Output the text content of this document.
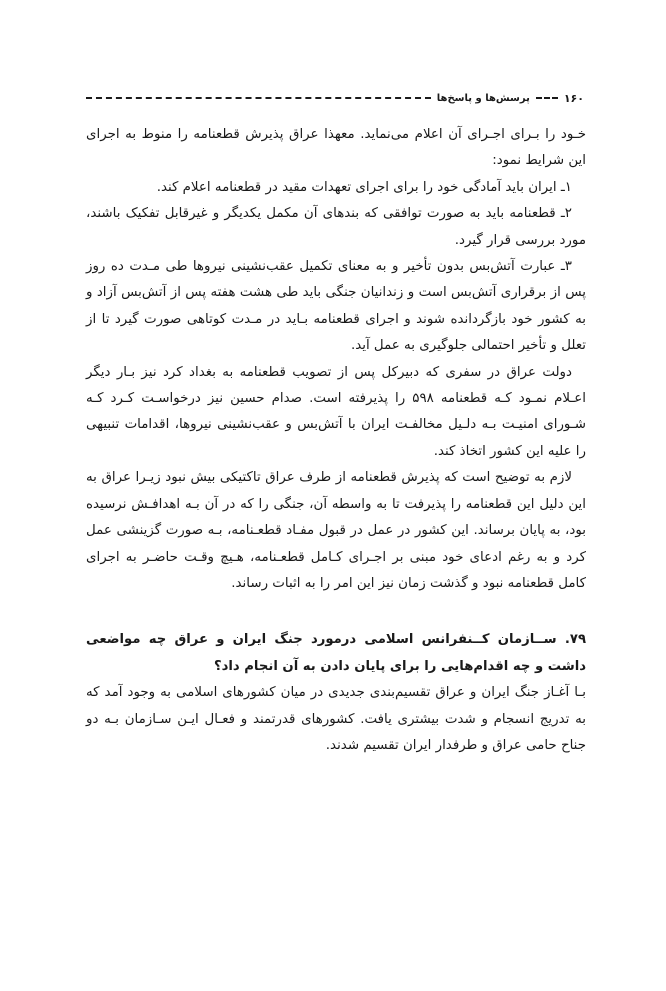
۱۶۰
پرسش‌ها و پاسخ‌ها

خـود را بـرای اجـرای آن اعلام می‌نماید. معهذا عراق پذیرش قطعنامه را منوط به اجرای این شرایط نمود:

۱ـ ایران باید آمادگی خود را برای اجرای تعهدات مقید در قطعنامه اعلام کند.

۲ـ قطعنامه باید به صورت توافقی که بندهای آن مکمل یکدیگر و غیرقابل تفکیک باشند، مورد بررسی قرار گیرد.

۳ـ عبارت آتش‌بس بدون تأخیر و به معنای تکمیل عقب‌نشینی نیروها طی مـدت ده روز پس از برقراری آتش‌بس است و زندانیان جنگی باید طی هشت هفته پس از آتش‌بس آزاد و به کشور خود بازگردانده شوند و اجرای قطعنامه بـاید در مـدت کوتاهی صورت گیرد تا از تعلل و تأخیر احتمالی جلوگیری به عمل آید.

دولت عراق در سفری که دبیرکل پس از تصویب قطعنامه به بغداد کرد نیز بـار دیگر اعـلام نمـود کـه قطعنامه ۵۹۸ را پذیرفته است. صدام حسین نیز درخواسـت کـرد کـه شـورای امنیـت بـه دلـیل مخالفـت ایران با آتش‌بس و عقب‌نشینی نیروها، اقدامات تنبیهی را علیه این کشور اتخاذ کند.

لازم به توضیح است که پذیرش قطعنامه از طرف عراق تاکتیکی بیش نبود زیـرا عراق به این دلیل این قطعنامه را پذیرفت تا به واسطه آن، جنگی را که در آن بـه اهدافـش نرسیده بود، به پایان برساند. این کشور در عمل در قبول مفـاد قطعـنامه، بـه صورت گزینشی عمل کرد و به رغم ادعای خود مبنی بر اجـرای کـامل قطعـنامه، هـیچ وقـت حاضـر به اجرای کامل قطعنامه نبود و گذشت زمان نیز این امر را به اثبات رساند.

۷۹. ســازمان کــنفرانس اسلامی درمورد جنگ ایران و عراق چه مواضعی داشت و چه اقدام‌هایی را برای پایان دادن به آن انجام داد؟

بـا آغـاز جنگ ایران و عراق تقسیم‌بندی جدیدی در میان کشورهای اسلامی به وجود آمد که به تدریج انسجام و شدت بیشتری یافت. کشورهای قدرتمند و فعـال ایـن سـازمان بـه دو جناح حامی عراق و طرفدار ایران تقسیم شدند.
